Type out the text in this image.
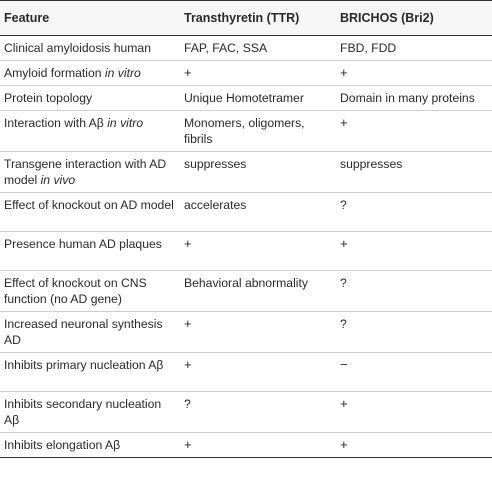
Feature	Transthyretin (TTR)	BRICHOS (Bri2)
Clinical amyloidosis human	FAP, FAC, SSA	FBD, FDD
Amyloid formation in vitro	+	+
Protein topology	Unique Homotetramer	Domain in many proteins
Interaction with Aβ in vitro	Monomers, oligomers, fibrils	+
Transgene interaction with AD model in vivo	suppresses	suppresses
Effect of knockout on AD model	accelerates	?
Presence human AD plaques	+	+
Effect of knockout on CNS function (no AD gene)	Behavioral abnormality	?
Increased neuronal synthesis AD	+	?
Inhibits primary nucleation Aβ	+	−
Inhibits secondary nucleation Aβ	?	+
Inhibits elongation Aβ	+	+
